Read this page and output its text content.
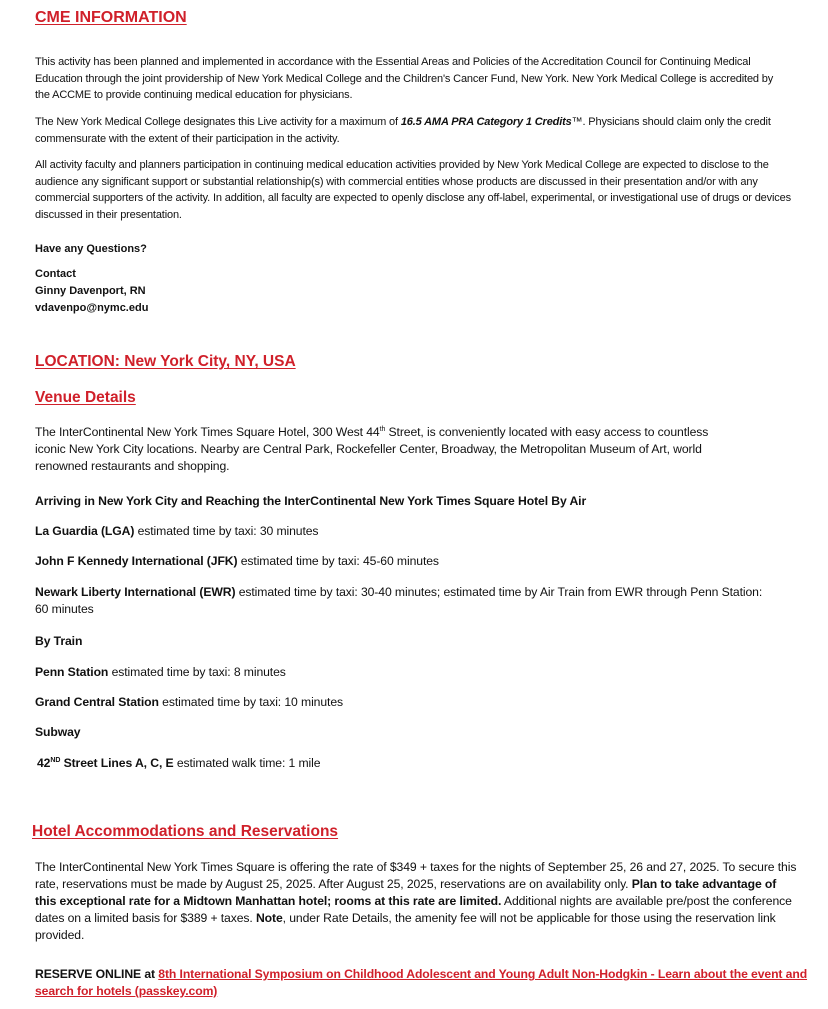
CME INFORMATION

This activity has been planned and implemented in accordance with the Essential Areas and Policies of the Accreditation Council for Continuing Medical Education through the joint providership of New York Medical College and the Children's Cancer Fund, New York. New York Medical College is accredited by the ACCME to provide continuing medical education for physicians.

The New York Medical College designates this Live activity for a maximum of 16.5 AMA PRA Category 1 Credits™. Physicians should claim only the credit commensurate with the extent of their participation in the activity.

All activity faculty and planners participation in continuing medical education activities provided by New York Medical College are expected to disclose to the audience any significant support or substantial relationship(s) with commercial entities whose products are discussed in their presentation and/or with any commercial supporters of the activity. In addition, all faculty are expected to openly disclose any off-label, experimental, or investigational use of drugs or devices discussed in their presentation.

Have any Questions?

Contact

Ginny Davenport, RN

vdavenpo@nymc.edu

LOCATION: New York City, NY, USA
Venue Details

The InterContinental New York Times Square Hotel, 300 West 44th Street, is conveniently located with easy access to countless iconic New York City locations. Nearby are Central Park, Rockefeller Center, Broadway, the Metropolitan Museum of Art, world renowned restaurants and shopping.

Arriving in New York City and Reaching the InterContinental New York Times Square Hotel By Air

La Guardia (LGA) estimated time by taxi: 30 minutes

John F Kennedy International (JFK) estimated time by taxi: 45-60 minutes

Newark Liberty International (EWR) estimated time by taxi: 30-40 minutes; estimated time by Air Train from EWR through Penn Station: 60 minutes

By Train

Penn Station estimated time by taxi: 8 minutes

Grand Central Station estimated time by taxi: 10 minutes

Subway

42ND Street Lines A, C, E estimated walk time: 1 mile

Hotel Accommodations and Reservations

The InterContinental New York Times Square is offering the rate of $349 + taxes for the nights of September 25, 26 and 27, 2025. To secure this rate, reservations must be made by August 25, 2025. After August 25, 2025, reservations are on availability only. Plan to take advantage of this exceptional rate for a Midtown Manhattan hotel; rooms at this rate are limited. Additional nights are available pre/post the conference dates on a limited basis for $389 + taxes. Note, under Rate Details, the amenity fee will not be applicable for those using the reservation link provided.

RESERVE ONLINE at 8th International Symposium on Childhood Adolescent and Young Adult Non-Hodgkin - Learn about the event and search for hotels (passkey.com)
